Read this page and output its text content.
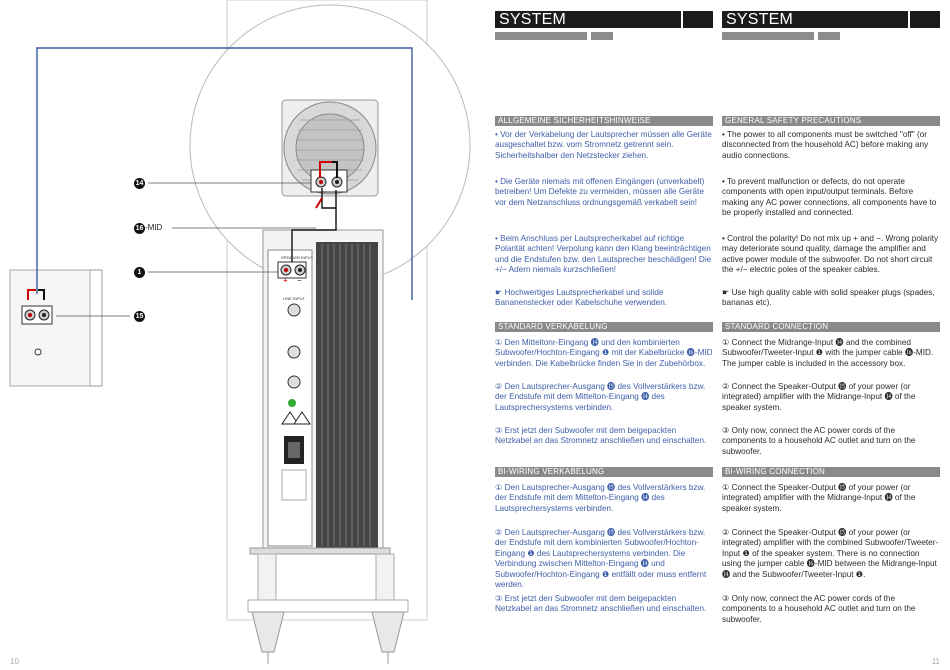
14
16 -MID
1
15
SPEAKER INPUT
LINE INPUT
+ −
10	11
SYSTEM	SYSTEM
ALLGEMEINE SICHERHEITSHINWEISE

• Vor der Verkabelung der Lautsprecher müssen alle Geräte ausgeschaltet bzw. vom Stromnetz getrennt sein. Sicherheitshalber den Netzstecker ziehen.

• Die Geräte niemals mit offenen Eingängen (unverkabelt) betreiben! Um Defekte zu vermeiden, müssen alle Geräte vor dem Netzanschluss ordnungsgemäß verkabelt sein!

• Beim Anschluss per Lautsprecherkabel auf richtige Polarität achten! Verpolung kann den Klang beeinträchtigen und die Endstufen bzw. den Lautsprecher beschädigen! Die +/− Adern niemals kurzschließen!

☛ Hochwertiges Lautsprecherkabel und solide Bananenstecker oder Kabelschuhe verwenden.

STANDARD VERKABELUNG

① Den Mitteltonr-Eingang ⓮ und den kombinierten Subwoofer/Hochton-Eingang ❶ mit der Kabelbrücke ⓰-MID verbinden. Die Kabelbrücke finden Sie in der Zubehörbox.

② Den Lautsprecher-Ausgang ⓯ des Vollverstärkers bzw. der Endstufe mit dem Mittelton-Eingang ⓮ des Lautsprechersystems verbinden.

③ Erst jetzt den Subwoofer mit dem beigepackten Netzkabel an das Stromnetz anschließen und einschalten.

BI-WIRING VERKABELUNG

① Den Lautsprecher-Ausgang ⓯ des Vollverstärkers bzw. der Endstufe mit dem Mittelton-Eingang ⓮ des Lautsprechersystems verbinden.

② Den Lautsprecher-Ausgang ⓯ des Vollverstärkers bzw. der Endstufe mit dem kombinierten Subwoofer/Hochton-Eingang ❶ des Lautsprechersystems verbinden. Die Verbindung zwischen Mittelton-Eingang ⓮ und Subwoofer/Hochton-Eingang ❶ entfällt oder muss entfernt werden.

③ Erst jetzt den Subwoofer mit dem beigepackten Netzkabel an das Stromnetz anschließen und einschalten.

GENERAL SAFETY PRECAUTIONS

• The power to all components must be switched "off" (or disconnected from the household AC) before making any audio connections.

• To prevent malfunction or defects, do not operate components with open input/output terminals. Before making any AC power connections, all components have to be properly installed and connected.

• Control the polarity! Do not mix up + and −. Wrong polarity may deteriorate sound quality, damage the amplifier and active power module of the subwoofer. Do not short circuit the +/− electric poles of the speaker cables.

☛ Use high quality cable with solid speaker plugs (spades, bananas etc).

STANDARD CONNECTION

① Connect the Midrange-Input ⓮ and the combined Subwoofer/Tweeter-Input ❶ with the jumper cable ⓰-MID. The jumper cable is included in the accessory box.

② Connect the Speaker-Output ⓯ of your power (or integrated) amplifier with the Midrange-Input ⓮ of the speaker system.

③ Only now, connect the AC power cords of the components to a household AC outlet and turn on the subwoofer.

BI-WIRING CONNECTION

① Connect the Speaker-Output ⓯ of your power (or integrated) amplifier with the Midrange-Input ⓮ of the speaker system.

② Connect the Speaker-Output ⓯ of your power (or integrated) amplifier with the combined Subwoofer/Tweeter-Input ❶ of the speaker system. There is no connection using the jumper cable ⓰-MID between the Midrange-Input ⓮ and the Subwoofer/Tweeter-Input ❶.

③ Only now, connect the AC power cords of the components to a household AC outlet and turn on the subwoofer.
